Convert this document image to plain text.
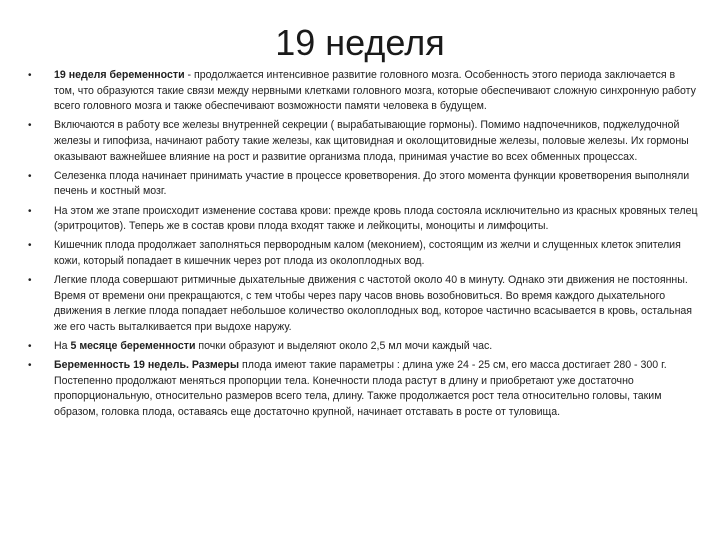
19 неделя
• 19 неделя беременности - продолжается интенсивное развитие головного мозга. Особенность этого периода заключается в том, что образуются такие связи между нервными клетками головного мозга, которые обеспечивают сложную синхронную работу всего головного мозга и также обеспечивают возможности памяти человека в будущем.
• Включаются в работу все железы внутренней секреции ( вырабатывающие гормоны). Помимо надпочечников, поджелудочной железы и гипофиза, начинают работу такие железы, как щитовидная и околощитовидные железы, половые железы. Их гормоны оказывают важнейшее влияние на рост и развитие организма плода, принимая участие во всех обменных процессах.
• Селезенка плода начинает принимать участие в процессе кроветворения. До этого момента функции кроветворения выполняли печень и костный мозг.
• На этом же этапе происходит изменение состава крови: прежде кровь плода состояла исключительно из красных кровяных телец (эритроцитов). Теперь же в состав крови плода входят также и лейкоциты, моноциты и лимфоциты.
• Кишечник плода продолжает заполняться первородным калом (меконием), состоящим из желчи и слущенных клеток эпителия кожи, который попадает в кишечник через рот плода из околоплодных вод.
• Легкие плода совершают ритмичные дыхательные движения с частотой около 40 в минуту. Однако эти движения не постоянны. Время от времени они прекращаются, с тем чтобы через пару часов вновь возобновиться. Во время каждого дыхательного движения в легкие плода попадает небольшое количество околоплодных вод, которое частично всасывается в кровь, остальная же его часть выталкивается при выдохе наружу.
• На 5 месяце беременности почки образуют и выделяют около 2,5 мл мочи каждый час.
• Беременность 19 недель. Размеры плода имеют такие параметры : длина уже 24 - 25 см, его масса достигает 280 - 300 г. Постепенно продолжают меняться пропорции тела. Конечности плода растут в длину и приобретают уже достаточно пропорциональную, относительно размеров всего тела, длину. Также продолжается рост тела относительно головы, таким образом, головка плода, оставаясь еще достаточно крупной, начинает отставать в росте от туловища.
